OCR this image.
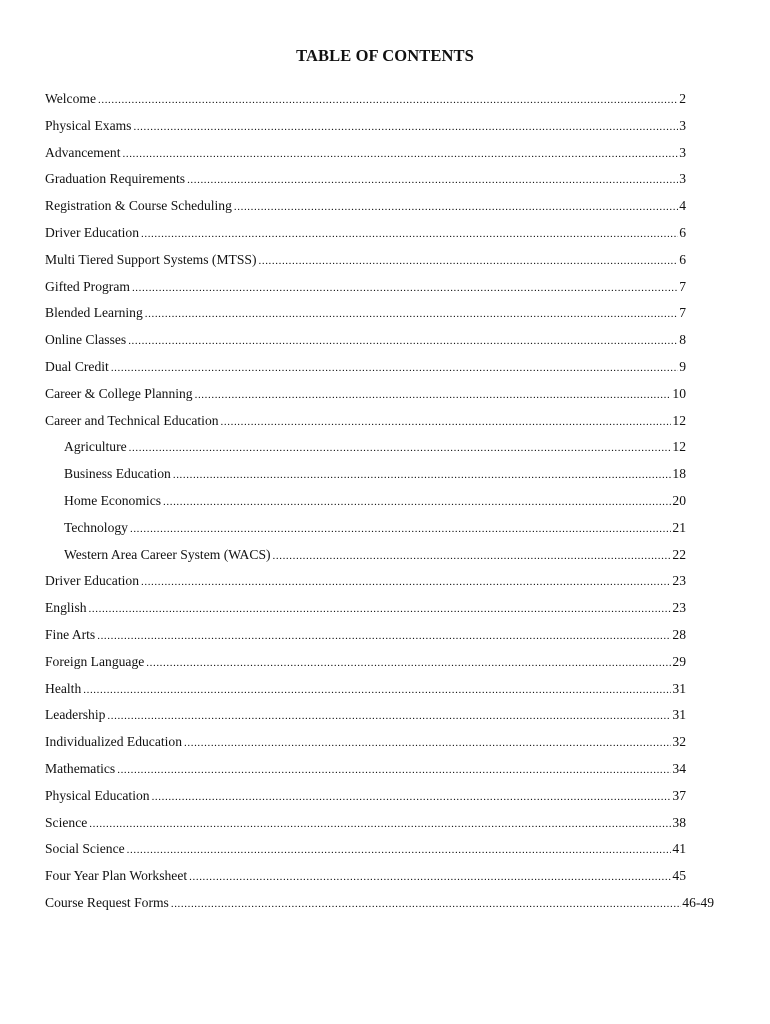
TABLE OF CONTENTS
Welcome .....	2
Physical Exams .....	3
Advancement .....	3
Graduation Requirements .....	3
Registration & Course Scheduling .....	4
Driver Education .....	6
Multi Tiered Support Systems (MTSS) .....	6
Gifted Program .....	7
Blended Learning .....	7
Online Classes .....	8
Dual Credit .....	9
Career & College Planning .....	10
Career and Technical Education .....	12
Agriculture .....	12
Business Education .....	18
Home Economics .....	20
Technology .....	21
Western Area Career System (WACS) .....	22
Driver Education .....	23
English .....	23
Fine Arts .....	28
Foreign Language .....	29
Health .....	31
Leadership .....	31
Individualized Education .....	32
Mathematics .....	34
Physical Education .....	37
Science .....	38
Social Science .....	41
Four Year Plan Worksheet .....	45
Course Request Forms .....	46-49
